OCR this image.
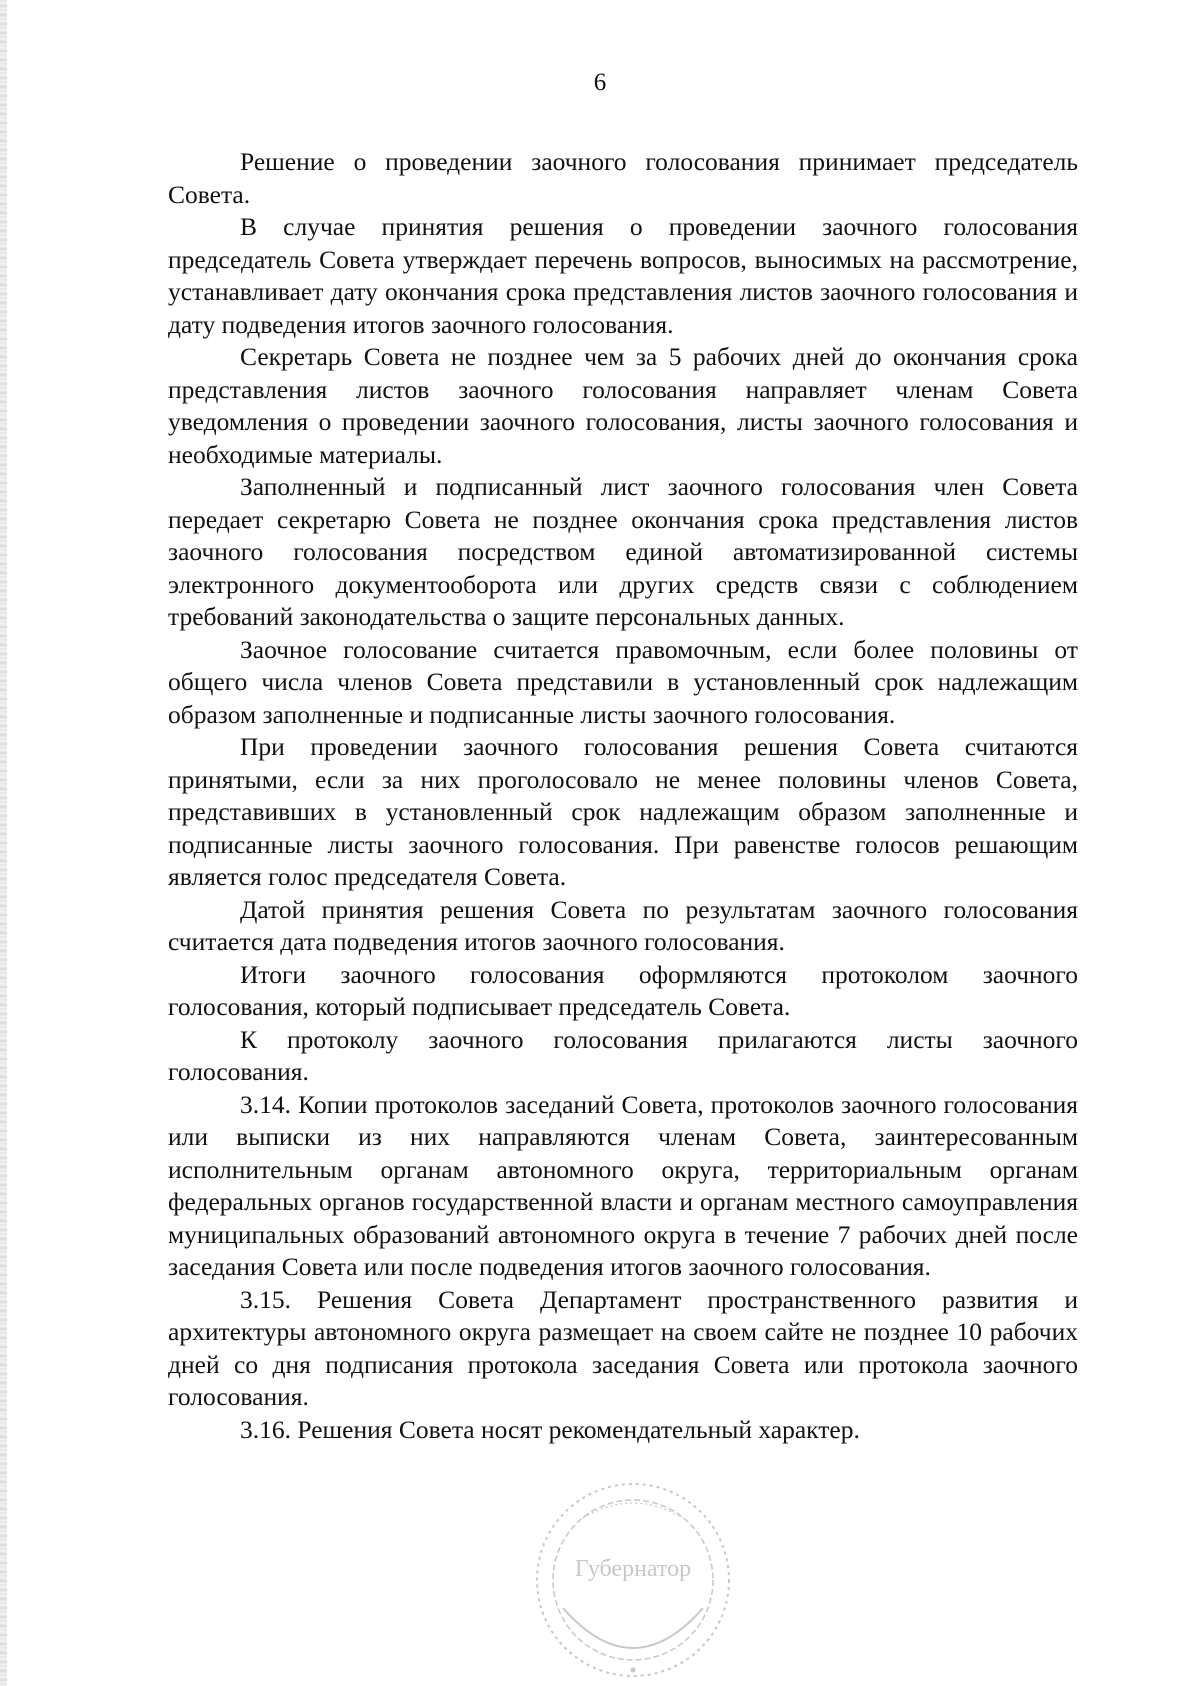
6

Решение о проведении заочного голосования принимает председатель Совета.

В случае принятия решения о проведении заочного голосования председатель Совета утверждает перечень вопросов, выносимых на рассмотрение, устанавливает дату окончания срока представления листов заочного голосования и дату подведения итогов заочного голосования.

Секретарь Совета не позднее чем за 5 рабочих дней до окончания срока представления листов заочного голосования направляет членам Совета уведомления о проведении заочного голосования, листы заочного голосования и необходимые материалы.

Заполненный и подписанный лист заочного голосования член Совета передает секретарю Совета не позднее окончания срока представления листов заочного голосования посредством единой автоматизированной системы электронного документооборота или других средств связи с соблюдением требований законодательства о защите персональных данных.

Заочное голосование считается правомочным, если более половины от общего числа членов Совета представили в установленный срок надлежащим образом заполненные и подписанные листы заочного голосования.

При проведении заочного голосования решения Совета считаются принятыми, если за них проголосовало не менее половины членов Совета, представивших в установленный срок надлежащим образом заполненные и подписанные листы заочного голосования. При равенстве голосов решающим является голос председателя Совета.

Датой принятия решения Совета по результатам заочного голосования считается дата подведения итогов заочного голосования.

Итоги заочного голосования оформляются протоколом заочного голосования, который подписывает председатель Совета.

К протоколу заочного голосования прилагаются листы заочного голосования.

3.14. Копии протоколов заседаний Совета, протоколов заочного голосования или выписки из них направляются членам Совета, заинтересованным исполнительным органам автономного округа, территориальным органам федеральных органов государственной власти и органам местного самоуправления муниципальных образований автономного округа в течение 7 рабочих дней после заседания Совета или после подведения итогов заочного голосования.

3.15. Решения Совета Департамент пространственного развития и архитектуры автономного округа размещает на своем сайте не позднее 10 рабочих дней со дня подписания протокола заседания Совета или протокола заочного голосования.

3.16. Решения Совета носят рекомендательный характер.

Губернатор
